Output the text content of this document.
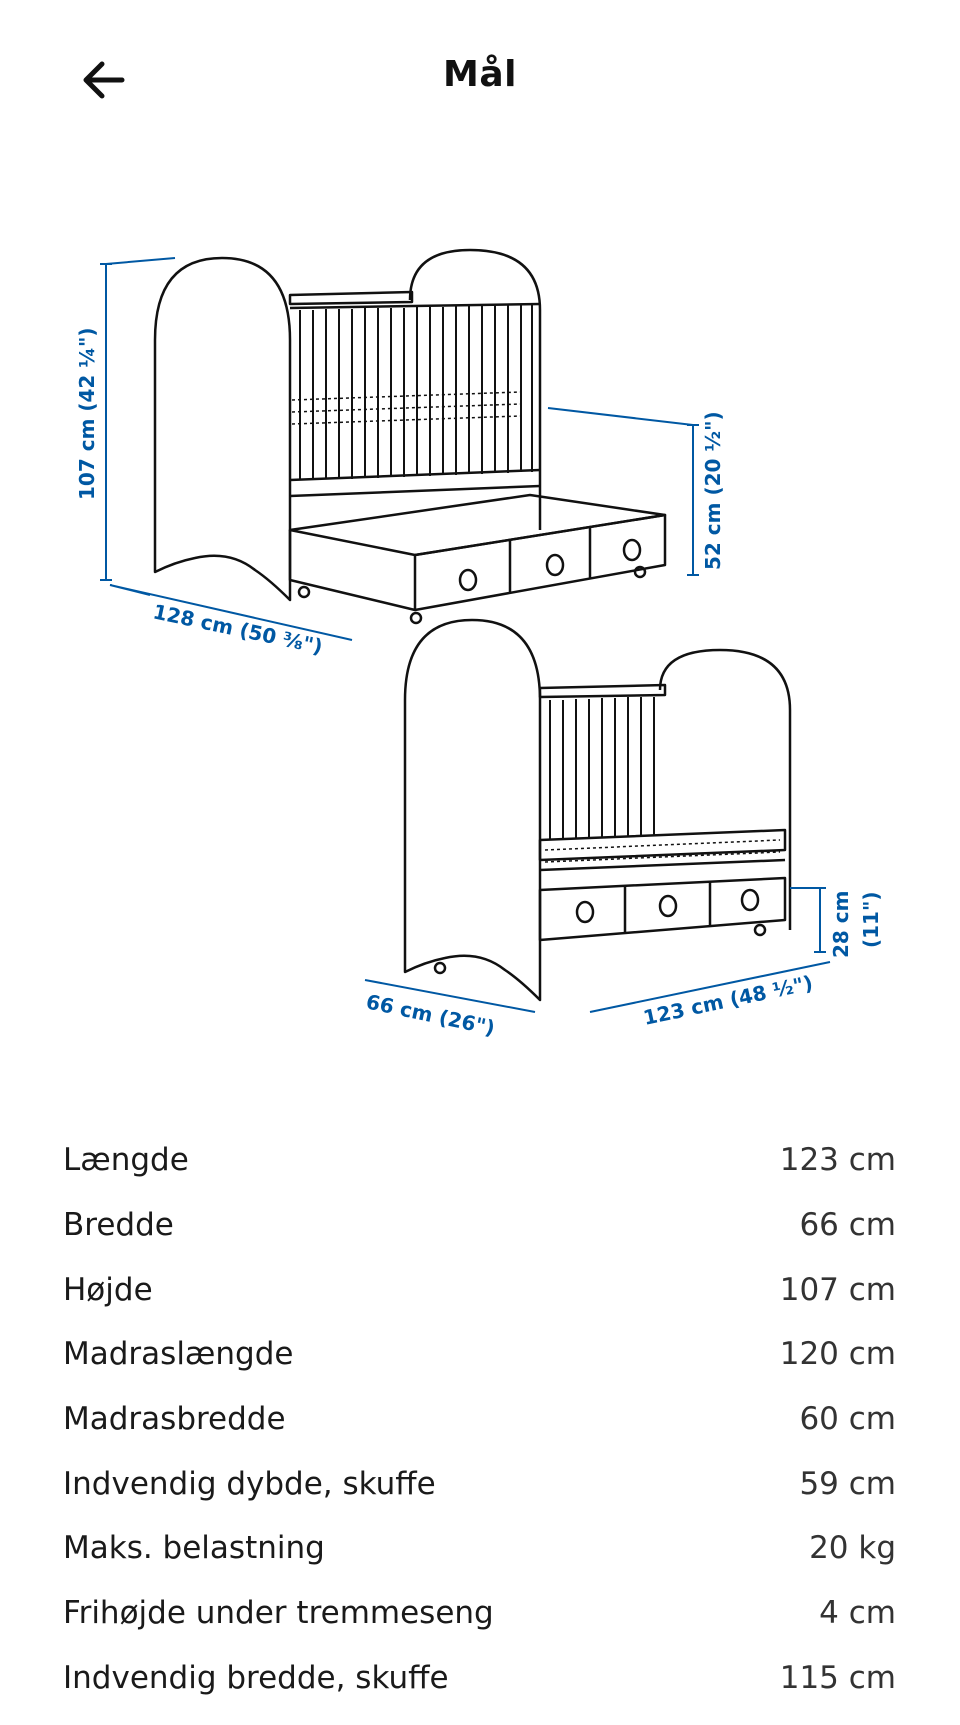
Mål
107 cm (42 ¼")
128 cm (50 ⅜")
52 cm (20 ½")
66 cm (26")	123 cm (48 ½")
28 cm (11")
Længde	123 cm
Bredde	66 cm
Højde	107 cm
Madraslængde	120 cm
Madrasbredde	60 cm
Indvendig dybde, skuffe	59 cm
Maks. belastning	20 kg
Frihøjde under tremmeseng	4 cm
Indvendig bredde, skuffe	115 cm
